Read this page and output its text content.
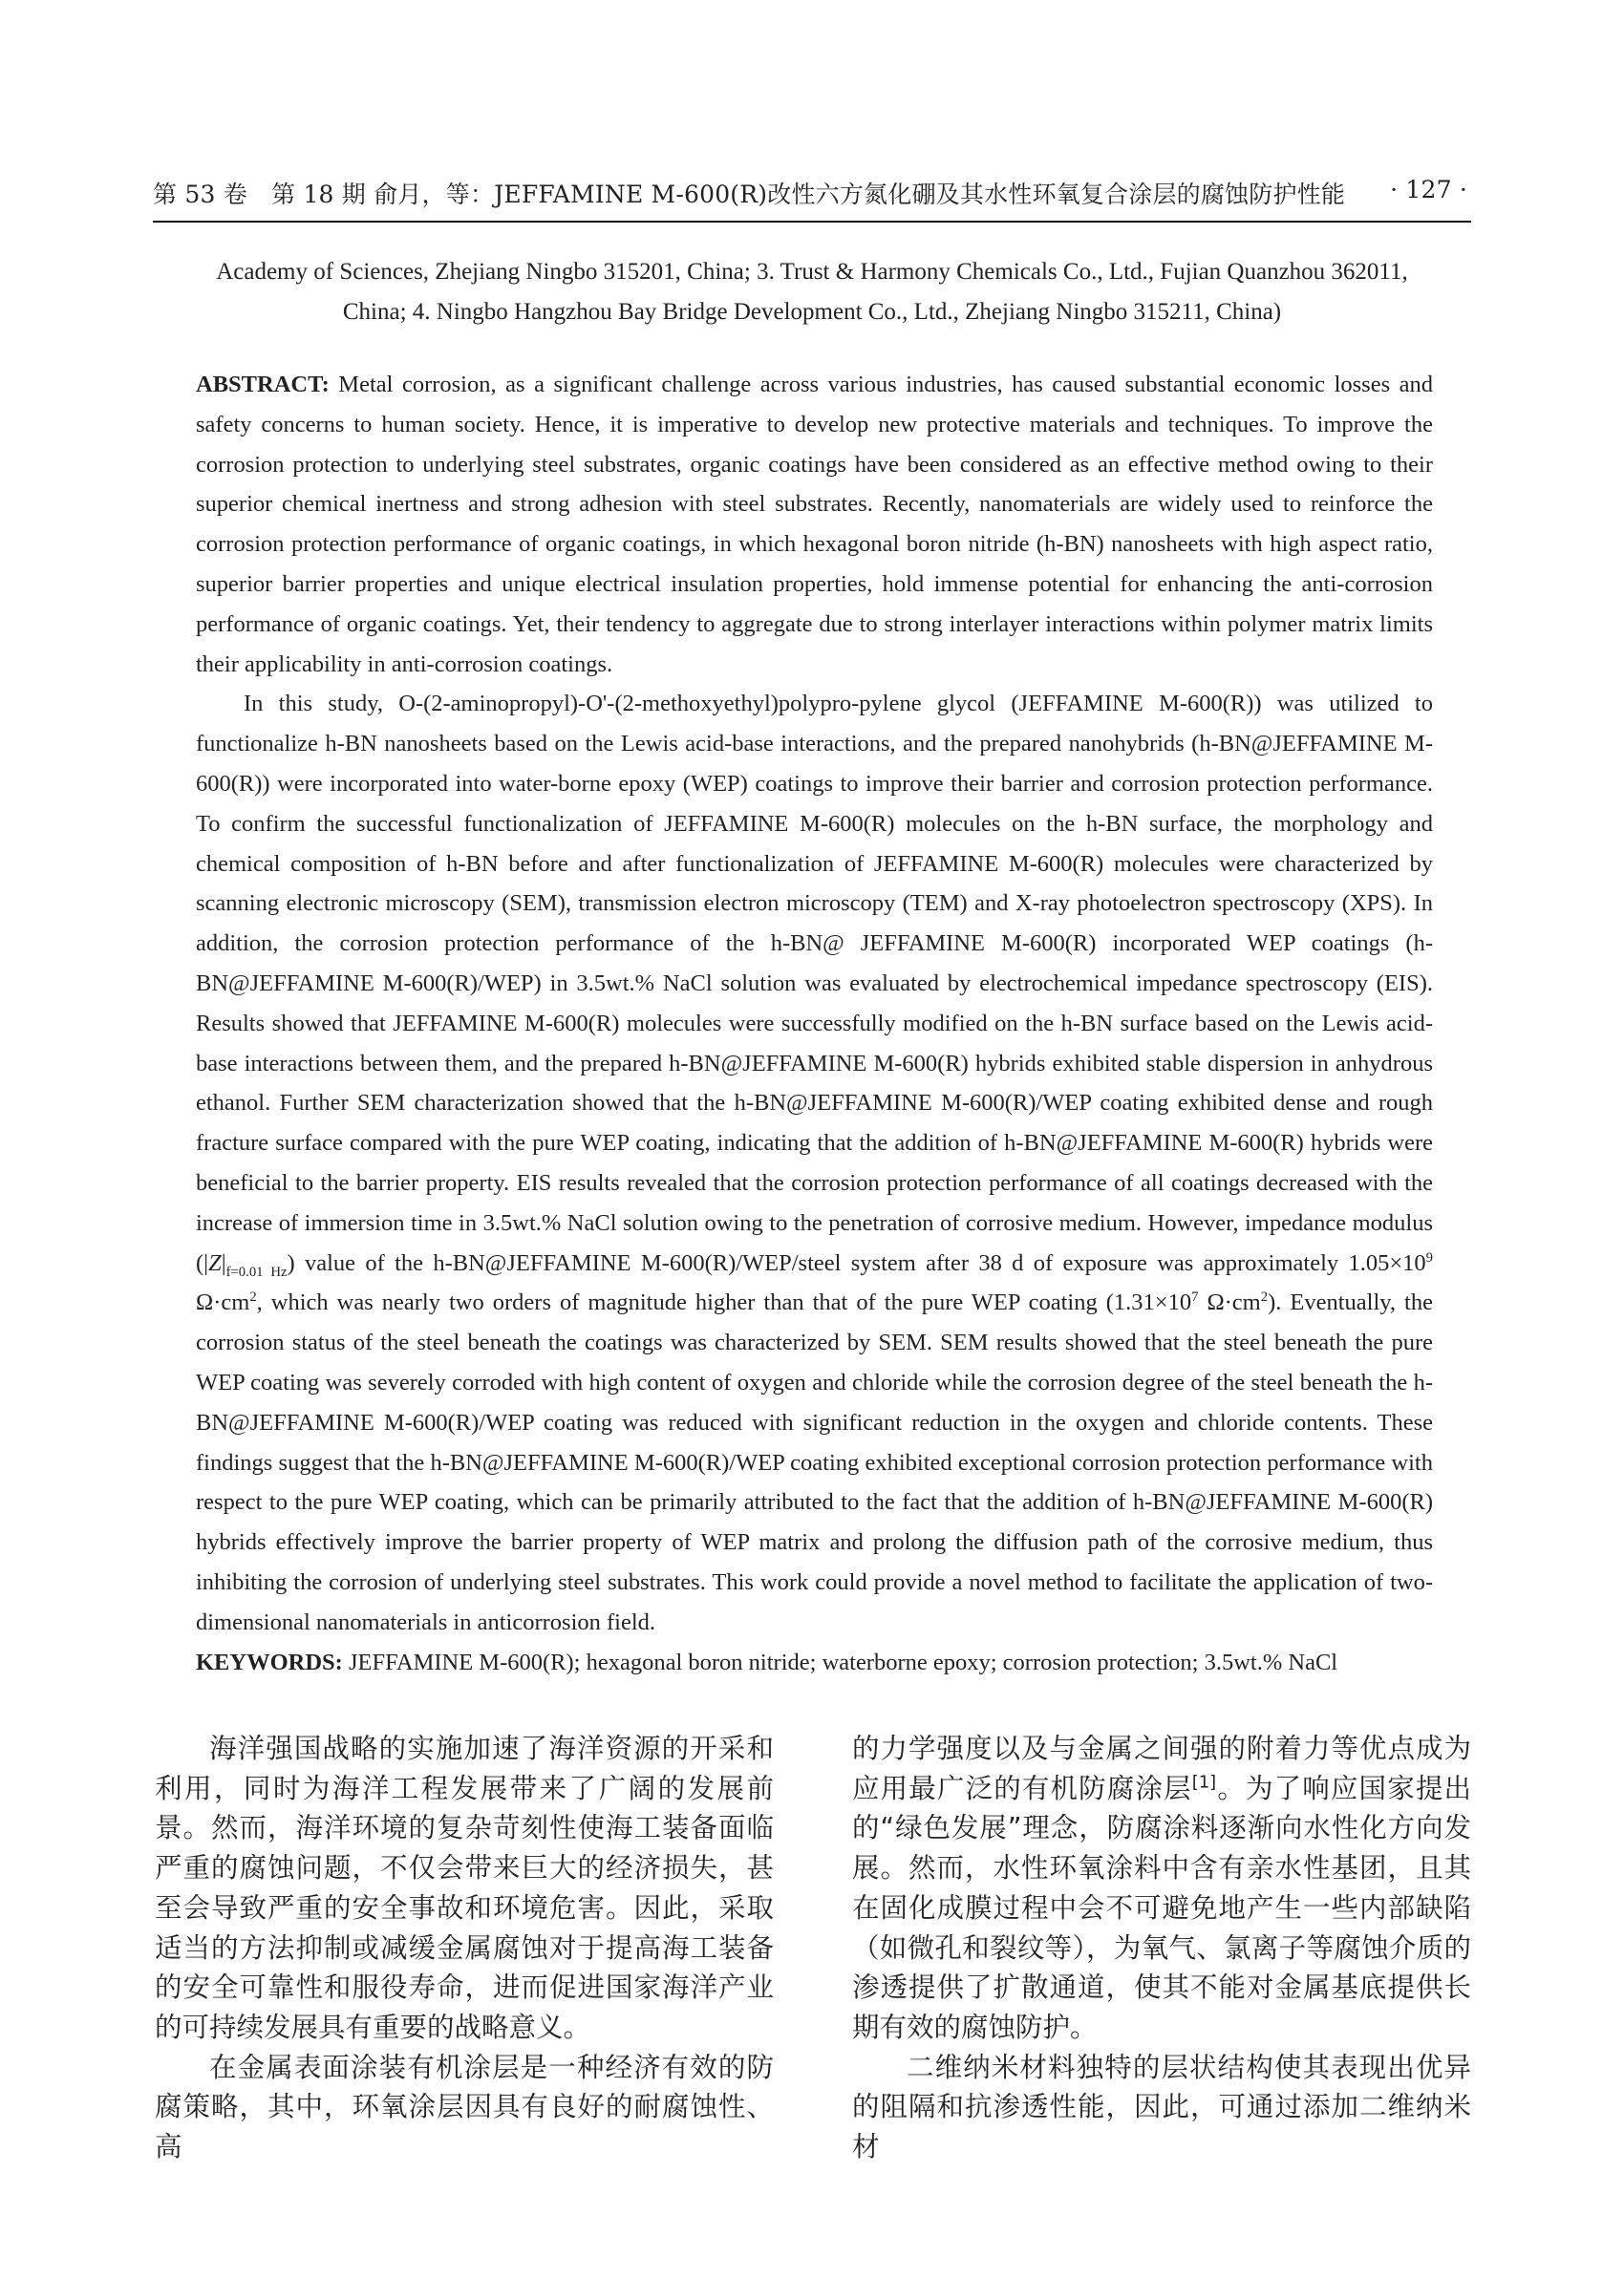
第 53 卷　第 18 期 俞月，等：JEFFAMINE M-600(R)改性六方氮化硼及其水性环氧复合涂层的腐蚀防护性能 · 127 ·
Academy of Sciences, Zhejiang Ningbo 315201, China; 3. Trust & Harmony Chemicals Co., Ltd., Fujian Quanzhou 362011,
China; 4. Ningbo Hangzhou Bay Bridge Development Co., Ltd., Zhejiang Ningbo 315211, China)

ABSTRACT: Metal corrosion, as a significant challenge across various industries, has caused substantial economic losses and safety concerns to human society. Hence, it is imperative to develop new protective materials and techniques. To improve the corrosion protection to underlying steel substrates, organic coatings have been considered as an effective method owing to their superior chemical inertness and strong adhesion with steel substrates. Recently, nanomaterials are widely used to reinforce the corrosion protection performance of organic coatings, in which hexagonal boron nitride (h-BN) nanosheets with high aspect ratio, superior barrier properties and unique electrical insulation properties, hold immense potential for enhancing the anti-corrosion performance of organic coatings. Yet, their tendency to aggregate due to strong interlayer interactions within polymer matrix limits their applicability in anti-corrosion coatings.

In this study, O-(2-aminopropyl)-O'-(2-methoxyethyl)polypro-pylene glycol (JEFFAMINE M-600(R)) was utilized to functionalize h-BN nanosheets based on the Lewis acid-base interactions, and the prepared nanohybrids (h-BN@JEFFAMINE M-600(R)) were incorporated into water-borne epoxy (WEP) coatings to improve their barrier and corrosion protection performance. To confirm the successful functionalization of JEFFAMINE M-600(R) molecules on the h-BN surface, the morphology and chemical composition of h-BN before and after functionalization of JEFFAMINE M-600(R) molecules were characterized by scanning electronic microscopy (SEM), transmission electron microscopy (TEM) and X-ray photoelectron spectroscopy (XPS). In addition, the corrosion protection performance of the h-BN@ JEFFAMINE M-600(R) incorporated WEP coatings (h-BN@JEFFAMINE M-600(R)/WEP) in 3.5wt.% NaCl solution was evaluated by electrochemical impedance spectroscopy (EIS). Results showed that JEFFAMINE M-600(R) molecules were successfully modified on the h-BN surface based on the Lewis acid-base interactions between them, and the prepared h-BN@JEFFAMINE M-600(R) hybrids exhibited stable dispersion in anhydrous ethanol. Further SEM characterization showed that the h-BN@JEFFAMINE M-600(R)/WEP coating exhibited dense and rough fracture surface compared with the pure WEP coating, indicating that the addition of h-BN@JEFFAMINE M-600(R) hybrids were beneficial to the barrier property. EIS results revealed that the corrosion protection performance of all coatings decreased with the increase of immersion time in 3.5wt.% NaCl solution owing to the penetration of corrosive medium. However, impedance modulus $(|Z|_{f=0.01 Hz})$ value of the h-BN@JEFFAMINE M-600(R)/WEP/steel system after 38 d of exposure was approximately $1.05\times 10^9$ $\Omega\cdot cm^2$, which was nearly two orders of magnitude higher than that of the pure WEP coating ($1.31\times 10^7$ $\Omega\cdot cm^2$). Eventually, the corrosion status of the steel beneath the coatings was characterized by SEM. SEM results showed that the steel beneath the pure WEP coating was severely corroded with high content of oxygen and chloride while the corrosion degree of the steel beneath the h-BN@JEFFAMINE M-600(R)/WEP coating was reduced with significant reduction in the oxygen and chloride contents. These findings suggest that the h-BN@JEFFAMINE M-600(R)/WEP coating exhibited exceptional corrosion protection performance with respect to the pure WEP coating, which can be primarily attributed to the fact that the addition of h-BN@JEFFAMINE M-600(R) hybrids effectively improve the barrier property of WEP matrix and prolong the diffusion path of the corrosive medium, thus inhibiting the corrosion of underlying steel substrates. This work could provide a novel method to facilitate the application of two-dimensional nanomaterials in anticorrosion field.

KEYWORDS: JEFFAMINE M-600(R); hexagonal boron nitride; waterborne epoxy; corrosion protection; 3.5wt.% NaCl

海洋强国战略的实施加速了海洋资源的开采和利用，同时为海洋工程发展带来了广阔的发展前景。然而，海洋环境的复杂苛刻性使海工装备面临严重的腐蚀问题，不仅会带来巨大的经济损失，甚至会导致严重的安全事故和环境危害。因此，采取适当的方法抑制或减缓金属腐蚀对于提高海工装备的安全可靠性和服役寿命，进而促进国家海洋产业的可持续发展具有重要的战略意义。

在金属表面涂装有机涂层是一种经济有效的防腐策略，其中，环氧涂层因具有良好的耐腐蚀性、高

的力学强度以及与金属之间强的附着力等优点成为应用最广泛的有机防腐涂层[1]。为了响应国家提出的“绿色发展”理念，防腐涂料逐渐向水性化方向发展。然而，水性环氧涂料中含有亲水性基团，且其在固化成膜过程中会不可避免地产生一些内部缺陷（如微孔和裂纹等），为氧气、氯离子等腐蚀介质的渗透提供了扩散通道，使其不能对金属基底提供长期有效的腐蚀防护。

二维纳米材料独特的层状结构使其表现出优异的阻隔和抗渗透性能，因此，可通过添加二维纳米材
